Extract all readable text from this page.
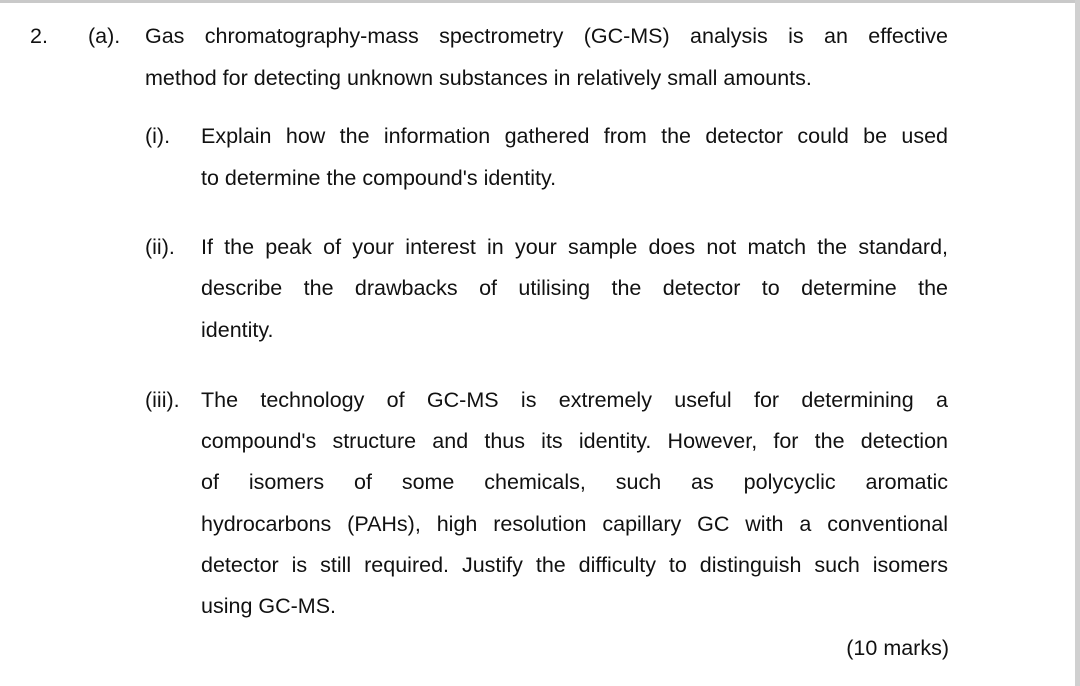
2. (a). Gas chromatography-mass spectrometry (GC-MS) analysis is an effective

method for detecting unknown substances in relatively small amounts.

(i). Explain how the information gathered from the detector could be used

to determine the compound's identity.

(ii). If the peak of your interest in your sample does not match the standard,

describe the drawbacks of utilising the detector to determine the

identity.

(iii). The technology of GC-MS is extremely useful for determining a

compound's structure and thus its identity. However, for the detection

of isomers of some chemicals, such as polycyclic aromatic

hydrocarbons (PAHs), high resolution capillary GC with a conventional

detector is still required. Justify the difficulty to distinguish such isomers

using GC-MS.

(10 marks)
